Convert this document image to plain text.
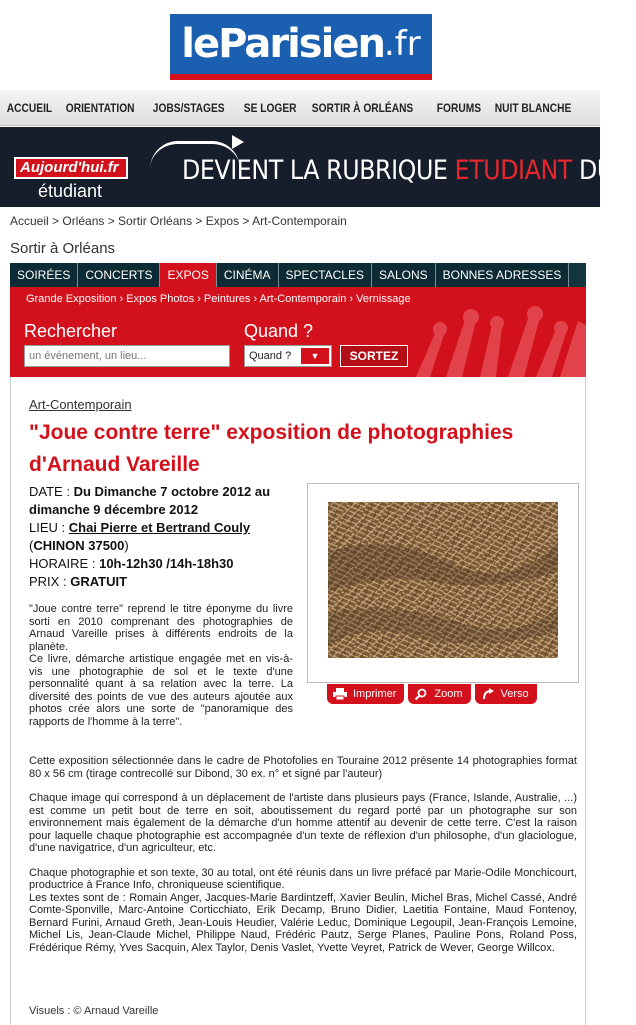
leParisien .fr
ACCUEIL	ORIENTATION	JOBS/STAGES	SE LOGER	SORTIR À ORLÉANS	FORUMS	NUIT BLANCHE
Aujourd'hui.fr
étudiant
DEVIENT LA RUBRIQUE ETUDIANT DU S
Accueil > Orléans > Sortir Orléans > Expos > Art-Contemporain
Sortir à Orléans
SOIRÉES	CONCERTS	EXPOS	CINÉMA	SPECTACLES	SALONS	BONNES ADRESSES
Grande Exposition › Expos Photos › Peintures › Art-Contemporain › Vernissage
Rechercher	Quand ?
un événement, un lieu...
Quand ?	▼	SORTEZ
Art-Contemporain
"Joue contre terre" exposition de photographies d'Arnaud Vareille
DATE : Du Dimanche 7 octobre 2012 au dimanche 9 décembre 2012
LIEU : Chai Pierre et Bertrand Couly
(CHINON 37500)
HORAIRE : 10h-12h30 /14h-18h30
PRIX : GRATUIT

"Joue contre terre" reprend le titre éponyme du livre sorti en 2010 comprenant des photographies de Arnaud Vareille prises à différents endroits de la planète.

Ce livre, démarche artistique engagée met en vis-à-vis une photographie de sol et le texte d'une personnalité quant à sa relation avec la terre. La diversité des points de vue des auteurs ajoutée aux photos crée alors une sorte de "panoramique des rapports de l'homme à la terre".

Imprimer	Zoom	Verso

Cette exposition sélectionnée dans le cadre de Photofolies en Touraine 2012 présente 14 photographies format 80 x 56 cm (tirage contrecollé sur Dibond, 30 ex. n° et signé par l'auteur)

Chaque image qui correspond à un déplacement de l'artiste dans plusieurs pays (France, Islande, Australie, ...) est comme un petit bout de terre en soit, aboutissement du regard porté par un photographe sur son environnement mais également de la démarche d'un homme attentif au devenir de cette terre. C'est la raison pour laquelle chaque photographie est accompagnée d'un texte de réflexion d'un philosophe, d'un glaciologue, d'une navigatrice, d'un agriculteur, etc.

Chaque photographie et son texte, 30 au total, ont été réunis dans un livre préfacé par Marie-Odile Monchicourt, productrice à France Info, chroniqueuse scientifique.
Les textes sont de : Romain Anger, Jacques-Marie Bardintzeff, Xavier Beulin, Michel Bras, Michel Cassé, André Comte-Sponville, Marc-Antoine Corticchiato, Erik Decamp, Bruno Didier, Laetitia Fontaine, Maud Fontenoy, Bernard Furini, Arnaud Greth, Jean-Louis Heudier, Valérie Leduc, Dominique Legoupil, Jean-François Lemoine, Michel Lis, Jean-Claude Michel, Philippe Naud, Frédéric Pautz, Serge Planes, Pauline Pons, Roland Poss, Frédérique Rémy, Yves Sacquin, Alex Taylor, Denis Vaslet, Yvette Veyret, Patrick de Wever, George Willcox.
Visuels : © Arnaud Vareille
